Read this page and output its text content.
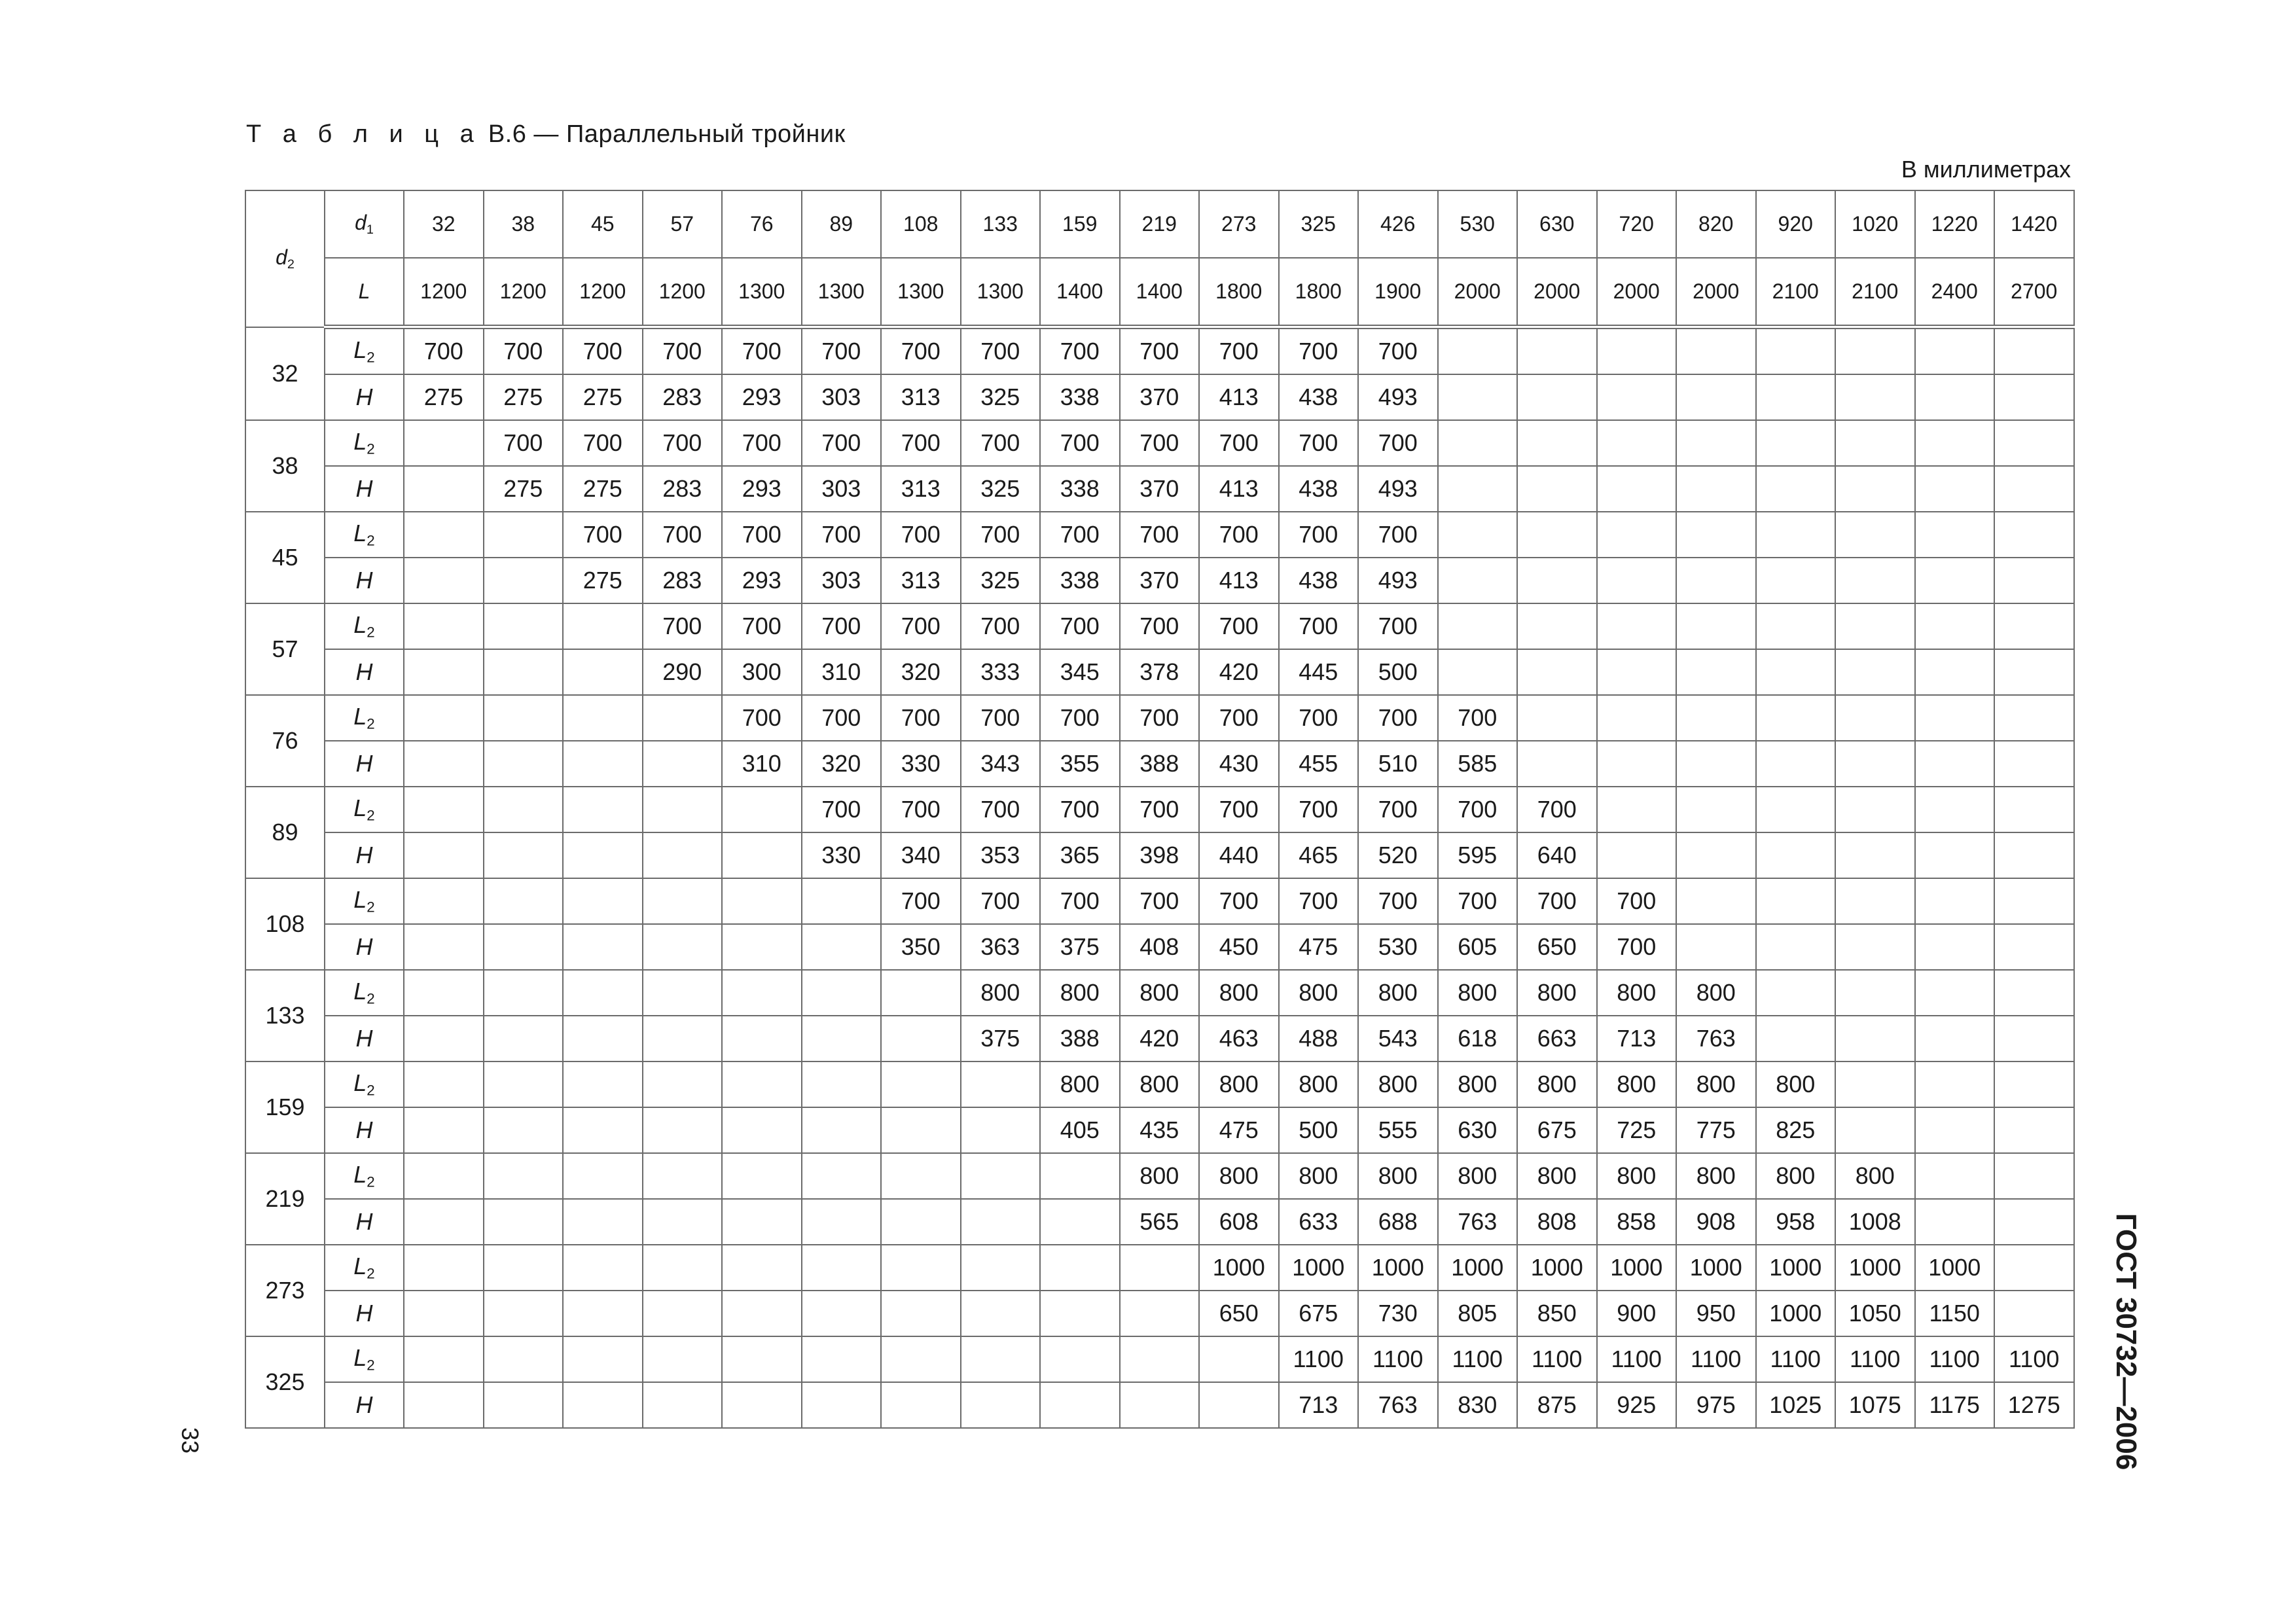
Т а б л и ц а В.6 — Параллельный тройник
В миллиметрах
$d_2$	$d_1$	32	38	45	57	76	89	108	133	159	219	273	325	426	530	630	720	820	920	1020	1220	1420
	L	1200	1200	1200	1200	1300	1300	1300	1300	1400	1400	1800	1800	1900	2000	2000	2000	2000	2100	2100	2400	2700
32	$L_2$	700	700	700	700	700	700	700	700	700	700	700	700	700								
	H	275	275	275	283	293	303	313	325	338	370	413	438	493								
38	$L_2$		700	700	700	700	700	700	700	700	700	700	700	700								
	H		275	275	283	293	303	313	325	338	370	413	438	493								
45	$L_2$			700	700	700	700	700	700	700	700	700	700	700								
	H			275	283	293	303	313	325	338	370	413	438	493								
57	$L_2$				700	700	700	700	700	700	700	700	700	700								
	H				290	300	310	320	333	345	378	420	445	500								
76	$L_2$					700	700	700	700	700	700	700	700	700	700							
	H					310	320	330	343	355	388	430	455	510	585							
89	$L_2$						700	700	700	700	700	700	700	700	700	700						
	H						330	340	353	365	398	440	465	520	595	640						
108	$L_2$							700	700	700	700	700	700	700	700	700	700					
	H							350	363	375	408	450	475	530	605	650	700					
133	$L_2$								800	800	800	800	800	800	800	800	800	800				
	H								375	388	420	463	488	543	618	663	713	763				
159	$L_2$									800	800	800	800	800	800	800	800	800	800			
	H									405	435	475	500	555	630	675	725	775	825			
219	$L_2$										800	800	800	800	800	800	800	800	800	800		
	H										565	608	633	688	763	808	858	908	958	1008		
273	$L_2$											1000	1000	1000	1000	1000	1000	1000	1000	1000	1000	
	H											650	675	730	805	850	900	950	1000	1050	1150	
325	$L_2$												1100	1100	1100	1100	1100	1100	1100	1100	1100	1100
	H												713	763	830	875	925	975	1025	1075	1175	1275
33	ГОСТ 30732—2006
